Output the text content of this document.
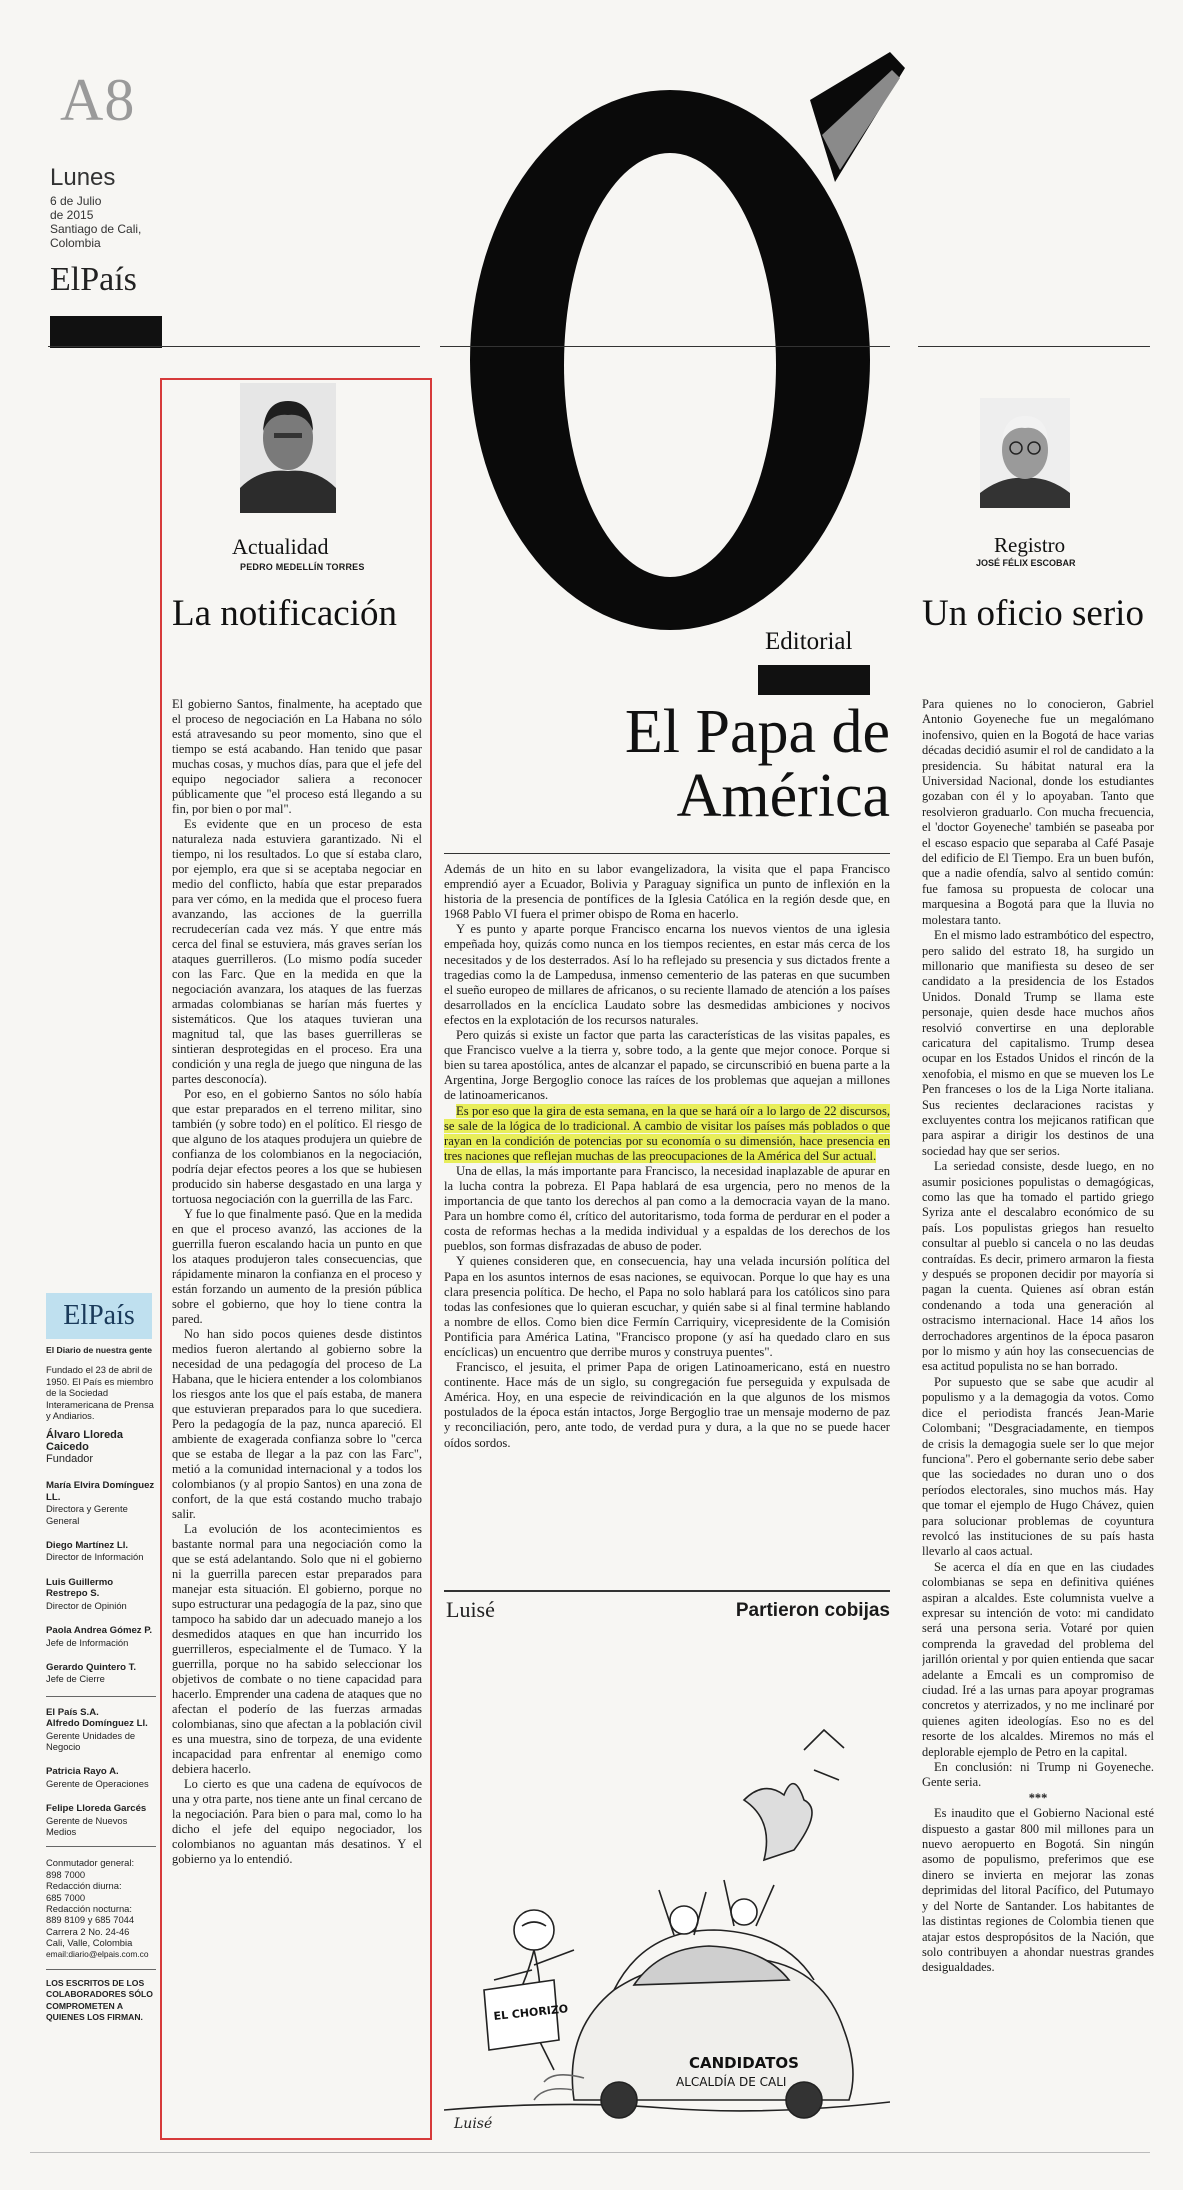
A8
Lunes
6 de Julio
de 2015
Santiago de Cali,
Colombia
ElPaís
Actualidad
PEDRO MEDELLÍN TORRES
La notificación

El gobierno Santos, finalmente, ha aceptado que el proceso de negociación en La Habana no sólo está atravesando su peor momento, sino que el tiempo se está acabando. Han tenido que pasar muchas cosas, y muchos días, para que el jefe del equipo negociador saliera a reconocer públicamente que "el proceso está llegando a su fin, por bien o por mal".

Es evidente que en un proceso de esta naturaleza nada estuviera garantizado. Ni el tiempo, ni los resultados. Lo que sí estaba claro, por ejemplo, era que si se aceptaba negociar en medio del conflicto, había que estar preparados para ver cómo, en la medida que el proceso fuera avanzando, las acciones de la guerrilla recrudecerían cada vez más. Y que entre más cerca del final se estuviera, más graves serían los ataques guerrilleros. (Lo mismo podía suceder con las Farc. Que en la medida en que la negociación avanzara, los ataques de las fuerzas armadas colombianas se harían más fuertes y sistemáticos. Que los ataques tuvieran una magnitud tal, que las bases guerrilleras se sintieran desprotegidas en el proceso. Era una condición y una regla de juego que ninguna de las partes desconocía).

Por eso, en el gobierno Santos no sólo había que estar preparados en el terreno militar, sino también (y sobre todo) en el político. El riesgo de que alguno de los ataques produjera un quiebre de confianza de los colombianos en la negociación, podría dejar efectos peores a los que se hubiesen producido sin haberse desgastado en una larga y tortuosa negociación con la guerrilla de las Farc.

Y fue lo que finalmente pasó. Que en la medida en que el proceso avanzó, las acciones de la guerrilla fueron escalando hacia un punto en que los ataques produjeron tales consecuencias, que rápidamente minaron la confianza en el proceso y están forzando un aumento de la presión pública sobre el gobierno, que hoy lo tiene contra la pared.

No han sido pocos quienes desde distintos medios fueron alertando al gobierno sobre la necesidad de una pedagogía del proceso de La Habana, que le hiciera entender a los colombianos los riesgos ante los que el país estaba, de manera que estuvieran preparados para lo que sucediera. Pero la pedagogía de la paz, nunca apareció. El ambiente de exagerada confianza sobre lo "cerca que se estaba de llegar a la paz con las Farc", metió a la comunidad internacional y a todos los colombianos (y al propio Santos) en una zona de confort, de la que está costando mucho trabajo salir.

La evolución de los acontecimientos es bastante normal para una negociación como la que se está adelantando. Solo que ni el gobierno ni la guerrilla parecen estar preparados para manejar esta situación. El gobierno, porque no supo estructurar una pedagogía de la paz, sino que tampoco ha sabido dar un adecuado manejo a los desmedidos ataques en que han incurrido los guerrilleros, especialmente el de Tumaco. Y la guerrilla, porque no ha sabido seleccionar los objetivos de combate o no tiene capacidad para hacerlo. Emprender una cadena de ataques que no afectan el poderío de las fuerzas armadas colombianas, sino que afectan a la población civil es una muestra, sino de torpeza, de una evidente incapacidad para enfrentar al enemigo como debiera hacerlo.

Lo cierto es que una cadena de equívocos de una y otra parte, nos tiene ante un final cercano de la negociación. Para bien o para mal, como lo ha dicho el jefe del equipo negociador, los colombianos no aguantan más desatinos. Y el gobierno ya lo entendió.

ElPaís
El Diario de nuestra gente
Fundado el 23 de abril de 1950. El País es miembro de la Sociedad Interamericana de Prensa y Andiarios.
Álvaro Lloreda Caicedo
Fundador
María Elvira Domínguez LL.
Directora y Gerente General
Diego Martínez Ll.
Director de Información
Luis Guillermo Restrepo S.
Director de Opinión
Paola Andrea Gómez P.
Jefe de Información
Gerardo Quintero T.
Jefe de Cierre
El País S.A.
Alfredo Domínguez Ll.
Gerente Unidades de Negocio
Patricia Rayo A.
Gerente de Operaciones
Felipe Lloreda Garcés
Gerente de Nuevos Medios
Conmutador general:
898 7000
Redacción diurna:
685 7000
Redacción nocturna:
889 8109 y 685 7044
Carrera 2 No. 24-46
Cali, Valle, Colombia
email:diario@elpais.com.co
LOS ESCRITOS DE LOS COLABORADORES SÓLO COMPROMETEN A QUIENES LOS FIRMAN.
Editorial
El Papa de
América

Además de un hito en su labor evangelizadora, la visita que el papa Francisco emprendió ayer a Ecuador, Bolivia y Paraguay significa un punto de inflexión en la historia de la presencia de pontífices de la Iglesia Católica en la región desde que, en 1968 Pablo VI fuera el primer obispo de Roma en hacerlo.

Y es punto y aparte porque Francisco encarna los nuevos vientos de una iglesia empeñada hoy, quizás como nunca en los tiempos recientes, en estar más cerca de los necesitados y de los desterrados. Así lo ha reflejado su presencia y sus dictados frente a tragedias como la de Lampedusa, inmenso cementerio de las pateras en que sucumben el sueño europeo de millares de africanos, o su reciente llamado de atención a los países desarrollados en la encíclica Laudato sobre las desmedidas ambiciones y nocivos efectos en la explotación de los recursos naturales.

Pero quizás si existe un factor que parta las características de las visitas papales, es que Francisco vuelve a la tierra y, sobre todo, a la gente que mejor conoce. Porque si bien su tarea apostólica, antes de alcanzar el papado, se circunscribió en buena parte a la Argentina, Jorge Bergoglio conoce las raíces de los problemas que aquejan a millones de latinoamericanos.

Es por eso que la gira de esta semana, en la que se hará oír a lo largo de 22 discursos, se sale de la lógica de lo tradicional. A cambio de visitar los países más poblados o que rayan en la condición de potencias por su economía o su dimensión, hace presencia en tres naciones que reflejan muchas de las preocupaciones de la América del Sur actual.

Una de ellas, la más importante para Francisco, la necesidad inaplazable de apurar en la lucha contra la pobreza. El Papa hablará de esa urgencia, pero no menos de la importancia de que tanto los derechos al pan como a la democracia vayan de la mano. Para un hombre como él, crítico del autoritarismo, toda forma de perdurar en el poder a costa de reformas hechas a la medida individual y a espaldas de los derechos de los pueblos, son formas disfrazadas de abuso de poder.

Y quienes consideren que, en consecuencia, hay una velada incursión política del Papa en los asuntos internos de esas naciones, se equivocan. Porque lo que hay es una clara presencia política. De hecho, el Papa no solo hablará para los católicos sino para todas las confesiones que lo quieran escuchar, y quién sabe si al final termine hablando a nombre de ellos. Como bien dice Fermín Carriquiry, vicepresidente de la Comisión Pontificia para América Latina, "Francisco propone (y así ha quedado claro en sus encíclicas) un encuentro que derribe muros y construya puentes".

Francisco, el jesuita, el primer Papa de origen Latinoamericano, está en nuestro continente. Hace más de un siglo, su congregación fue perseguida y expulsada de América. Hoy, en una especie de reivindicación en la que algunos de los mismos postulados de la época están intactos, Jorge Bergoglio trae un mensaje moderno de paz y reconciliación, pero, ante todo, de verdad pura y dura, a la que no se puede hacer oídos sordos.

Luisé	Partieron cobijas
CANDIDATOS
ALCALDÍA DE CALI
EL CHORIZO
Luisé
Registro
JOSÉ FÉLIX ESCOBAR
Un oficio serio

Para quienes no lo conocieron, Gabriel Antonio Goyeneche fue un megalómano inofensivo, quien en la Bogotá de hace varias décadas decidió asumir el rol de candidato a la presidencia. Su hábitat natural era la Universidad Nacional, donde los estudiantes gozaban con él y lo apoyaban. Tanto que resolvieron graduarlo. Con mucha frecuencia, el 'doctor Goyeneche' también se paseaba por el escaso espacio que separaba al Café Pasaje del edificio de El Tiempo. Era un buen bufón, que a nadie ofendía, salvo al sentido común: fue famosa su propuesta de colocar una marquesina a Bogotá para que la lluvia no molestara tanto.

En el mismo lado estrambótico del espectro, pero salido del estrato 18, ha surgido un millonario que manifiesta su deseo de ser candidato a la presidencia de los Estados Unidos. Donald Trump se llama este personaje, quien desde hace muchos años resolvió convertirse en una deplorable caricatura del capitalismo. Trump desea ocupar en los Estados Unidos el rincón de la xenofobia, el mismo en que se mueven los Le Pen franceses o los de la Liga Norte italiana. Sus recientes declaraciones racistas y excluyentes contra los mejicanos ratifican que para aspirar a dirigir los destinos de una sociedad hay que ser serios.

La seriedad consiste, desde luego, en no asumir posiciones populistas o demagógicas, como las que ha tomado el partido griego Syriza ante el descalabro económico de su país. Los populistas griegos han resuelto consultar al pueblo si cancela o no las deudas contraídas. Es decir, primero armaron la fiesta y después se proponen decidir por mayoría si pagan la cuenta. Quienes así obran están condenando a toda una generación al ostracismo internacional. Hace 14 años los derrochadores argentinos de la época pasaron por lo mismo y aún hoy las consecuencias de esa actitud populista no se han borrado.

Por supuesto que se sabe que acudir al populismo y a la demagogia da votos. Como dice el periodista francés Jean-Marie Colombani; "Desgraciadamente, en tiempos de crisis la demagogia suele ser lo que mejor funciona". Pero el gobernante serio debe saber que las sociedades no duran uno o dos períodos electorales, sino muchos más. Hay que tomar el ejemplo de Hugo Chávez, quien para solucionar problemas de coyuntura revolcó las instituciones de su país hasta llevarlo al caos actual.

Se acerca el día en que en las ciudades colombianas se sepa en definitiva quiénes aspiran a alcaldes. Este columnista vuelve a expresar su intención de voto: mi candidato será una persona seria. Votaré por quien comprenda la gravedad del problema del jarillón oriental y por quien entienda que sacar adelante a Emcali es un compromiso de ciudad. Iré a las urnas para apoyar programas concretos y aterrizados, y no me inclinaré por quienes agiten ideologías. Eso no es del resorte de los alcaldes. Miremos no más el deplorable ejemplo de Petro en la capital.

En conclusión: ni Trump ni Goyeneche. Gente seria.

***

Es inaudito que el Gobierno Nacional esté dispuesto a gastar 800 mil millones para un nuevo aeropuerto en Bogotá. Sin ningún asomo de populismo, preferimos que ese dinero se invierta en mejorar las zonas deprimidas del litoral Pacífico, del Putumayo y del Norte de Santander. Los habitantes de las distintas regiones de Colombia tienen que atajar estos despropósitos de la Nación, que solo contribuyen a ahondar nuestras grandes desigualdades.
